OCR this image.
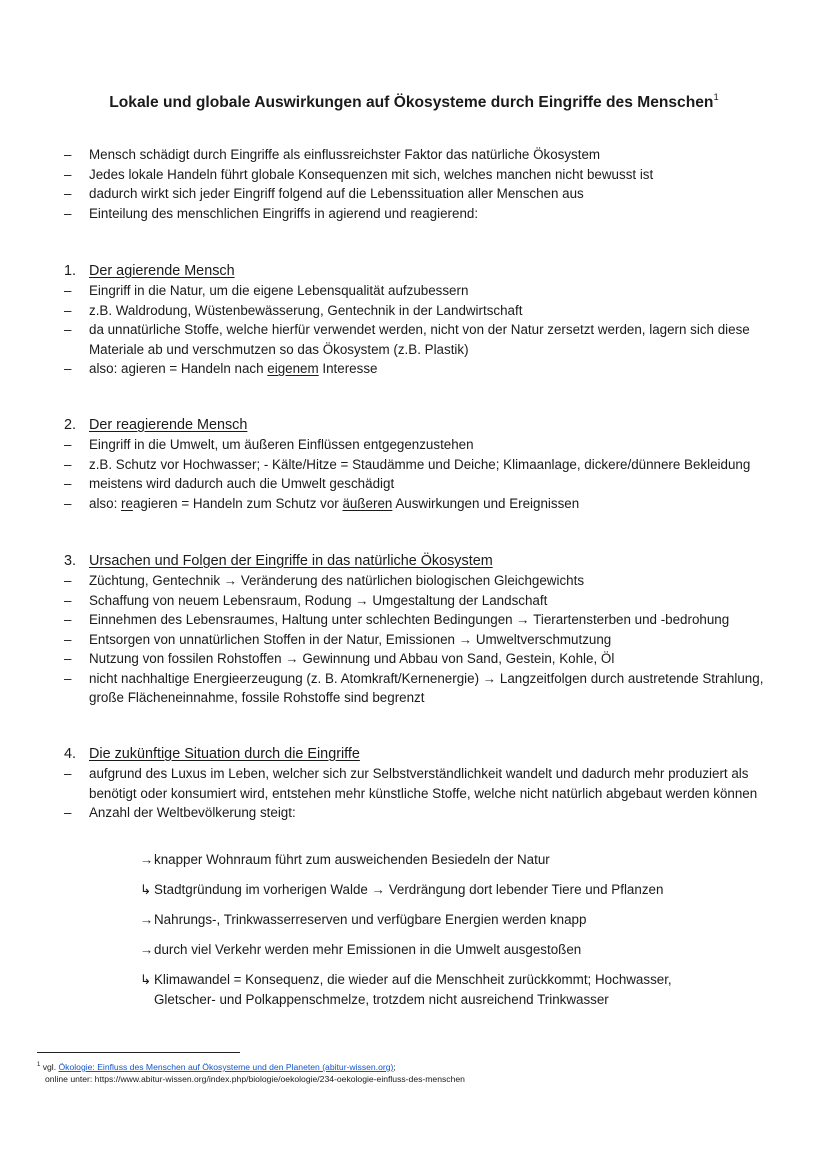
Lokale und globale Auswirkungen auf Ökosysteme durch Eingriffe des Menschen$^1$
– Mensch schädigt durch Eingriffe als einflussreichster Faktor das natürliche Ökosystem
– Jedes lokale Handeln führt globale Konsequenzen mit sich, welches manchen nicht bewusst ist
– dadurch wirkt sich jeder Eingriff folgend auf die Lebenssituation aller Menschen aus
– Einteilung des menschlichen Eingriffs in agierend und reagierend:
1. Der agierende Mensch
– Eingriff in die Natur, um die eigene Lebensqualität aufzubessern
– z.B. Waldrodung, Wüstenbewässerung, Gentechnik in der Landwirtschaft
– da unnatürliche Stoffe, welche hierfür verwendet werden, nicht von der Natur zersetzt werden, lagern sich diese Materiale ab und verschmutzen so das Ökosystem (z.B. Plastik)
– also: agieren = Handeln nach eigenem Interesse
2. Der reagierende Mensch
– Eingriff in die Umwelt, um äußeren Einflüssen entgegenzustehen
– z.B. Schutz vor Hochwasser; - Kälte/Hitze = Staudämme und Deiche; Klimaanlage, dickere/dünnere Bekleidung
– meistens wird dadurch auch die Umwelt geschädigt
– also: reagieren = Handeln zum Schutz vor äußeren Auswirkungen und Ereignissen
3. Ursachen und Folgen der Eingriffe in das natürliche Ökosystem
– Züchtung, Gentechnik → Veränderung des natürlichen biologischen Gleichgewichts
– Schaffung von neuem Lebensraum, Rodung → Umgestaltung der Landschaft
– Einnehmen des Lebensraumes, Haltung unter schlechten Bedingungen → Tierartensterben und -bedrohung
– Entsorgen von unnatürlichen Stoffen in der Natur, Emissionen → Umweltverschmutzung
– Nutzung von fossilen Rohstoffen → Gewinnung und Abbau von Sand, Gestein, Kohle, Öl
– nicht nachhaltige Energieerzeugung (z. B. Atomkraft/Kernenergie) → Langzeitfolgen durch austretende Strahlung, große Flächeneinnahme, fossile Rohstoffe sind begrenzt
4. Die zukünftige Situation durch die Eingriffe
– aufgrund des Luxus im Leben, welcher sich zur Selbstverständlichkeit wandelt und dadurch mehr produziert als benötigt oder konsumiert wird, entstehen mehr künstliche Stoffe, welche nicht natürlich abgebaut werden können
– Anzahl der Weltbevölkerung steigt:
→knapper Wohnraum führt zum ausweichenden Besiedeln der Natur
↳ Stadtgründung im vorherigen Walde → Verdrängung dort lebender Tiere und Pflanzen
→Nahrungs-, Trinkwasserreserven und verfügbare Energien werden knapp
→durch viel Verkehr werden mehr Emissionen in die Umwelt ausgestoßen
↳ Klimawandel = Konsequenz, die wieder auf die Menschheit zurückkommt; Hochwasser,
Gletscher- und Polkappenschmelze, trotzdem nicht ausreichend Trinkwasser
$^1$ vgl. Ökologie: Einfluss des Menschen auf Ökosysteme und den Planeten (abitur-wissen.org);
online unter: https://www.abitur-wissen.org/index.php/biologie/oekologie/234-oekologie-einfluss-des-menschen
